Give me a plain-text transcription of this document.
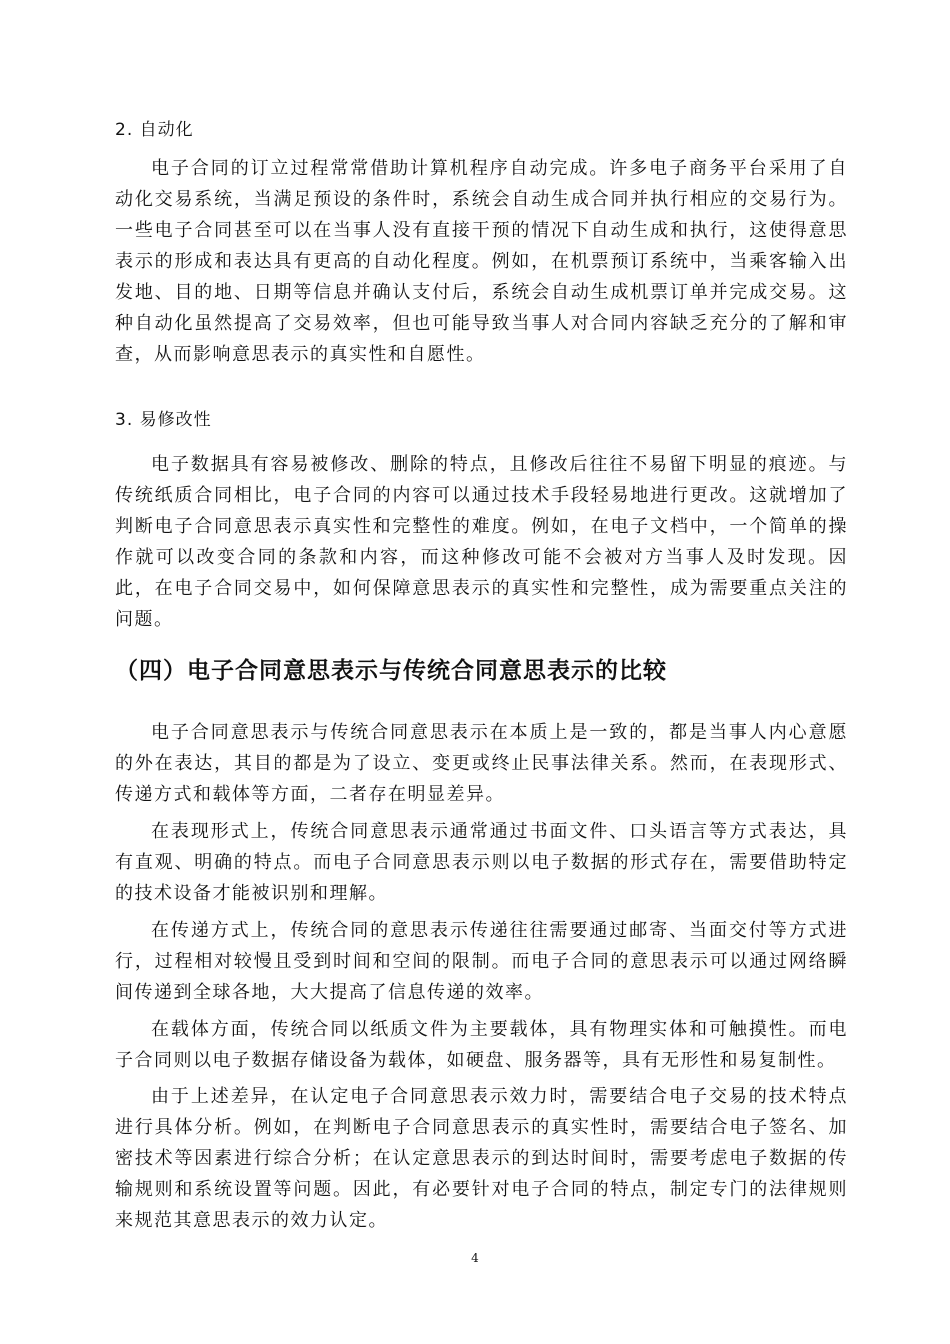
2. 自动化

电子合同的订立过程常常借助计算机程序自动完成。许多电子商务平台采用了自动化交易系统，当满足预设的条件时，系统会自动生成合同并执行相应的交易行为。一些电子合同甚至可以在当事人没有直接干预的情况下自动生成和执行，这使得意思表示的形成和表达具有更高的自动化程度。例如，在机票预订系统中，当乘客输入出发地、目的地、日期等信息并确认支付后，系统会自动生成机票订单并完成交易。这种自动化虽然提高了交易效率，但也可能导致当事人对合同内容缺乏充分的了解和审查，从而影响意思表示的真实性和自愿性。

3. 易修改性

电子数据具有容易被修改、删除的特点，且修改后往往不易留下明显的痕迹。与传统纸质合同相比，电子合同的内容可以通过技术手段轻易地进行更改。这就增加了判断电子合同意思表示真实性和完整性的难度。例如，在电子文档中，一个简单的操作就可以改变合同的条款和内容，而这种修改可能不会被对方当事人及时发现。因此，在电子合同交易中，如何保障意思表示的真实性和完整性，成为需要重点关注的问题。

（四）电子合同意思表示与传统合同意思表示的比较

电子合同意思表示与传统合同意思表示在本质上是一致的，都是当事人内心意愿的外在表达，其目的都是为了设立、变更或终止民事法律关系。然而，在表现形式、传递方式和载体等方面，二者存在明显差异。

在表现形式上，传统合同意思表示通常通过书面文件、口头语言等方式表达，具有直观、明确的特点。而电子合同意思表示则以电子数据的形式存在，需要借助特定的技术设备才能被识别和理解。

在传递方式上，传统合同的意思表示传递往往需要通过邮寄、当面交付等方式进行，过程相对较慢且受到时间和空间的限制。而电子合同的意思表示可以通过网络瞬间传递到全球各地，大大提高了信息传递的效率。

在载体方面，传统合同以纸质文件为主要载体，具有物理实体和可触摸性。而电子合同则以电子数据存储设备为载体，如硬盘、服务器等，具有无形性和易复制性。

由于上述差异，在认定电子合同意思表示效力时，需要结合电子交易的技术特点进行具体分析。例如，在判断电子合同意思表示的真实性时，需要结合电子签名、加密技术等因素进行综合分析；在认定意思表示的到达时间时，需要考虑电子数据的传输规则和系统设置等问题。因此，有必要针对电子合同的特点，制定专门的法律规则来规范其意思表示的效力认定。

4
